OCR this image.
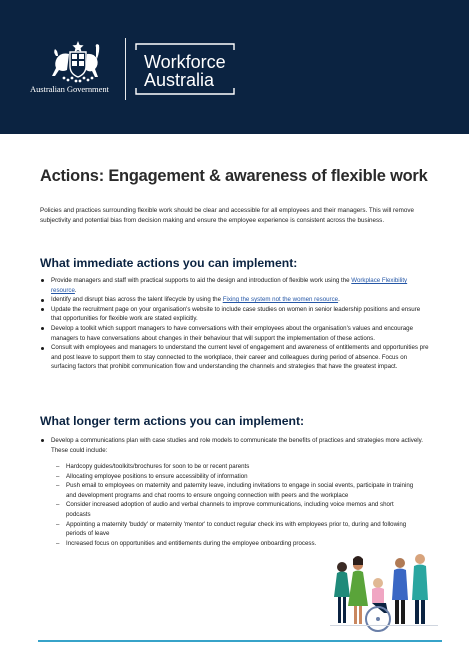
Australian Government
Workforce
Australia
Actions: Engagement & awareness of flexible work
Policies and practices surrounding flexible work should be clear and accessible for all employees and their managers. This will remove subjectivity and potential bias from decision making and ensure the employee experience is consistent across the business.
What immediate actions you can implement:
Provide managers and staff with practical supports to aid the design and introduction of flexible work using the Workplace Flexibility resource.
Identify and disrupt bias across the talent lifecycle by using the Fixing the system not the women resource.
Update the recruitment page on your organisation's website to include case studies on women in senior leadership positions and ensure that opportunities for flexible work are stated explicitly.
Develop a toolkit which support managers to have conversations with their employees about the organisation's values and encourage managers to have conversations about changes in their behaviour that will support the implementation of these actions.
Consult with employees and managers to understand the current level of engagement and awareness of entitlements and opportunities pre and post leave to support them to stay connected to the workplace, their career and colleagues during period of absence. Focus on surfacing factors that prohibit communication flow and understanding the channels and strategies that have the greatest impact.
What longer term actions you can implement:
Develop a communications plan with case studies and role models to communicate the benefits of practices and strategies more actively. These could include:
– Hardcopy guides/toolkits/brochures for soon to be or recent parents
– Allocating employee positions to ensure accessibility of information
– Push email to employees on maternity and paternity leave, including invitations to engage in social events, participate in training and development programs and chat rooms to ensure ongoing connection with peers and the workplace
– Consider increased adoption of audio and verbal channels to improve communications, including voice memos and short podcasts
– Appointing a maternity 'buddy' or maternity 'mentor' to conduct regular check ins with employees prior to, during and following periods of leave
– Increased focus on opportunities and entitlements during the employee onboarding process.
